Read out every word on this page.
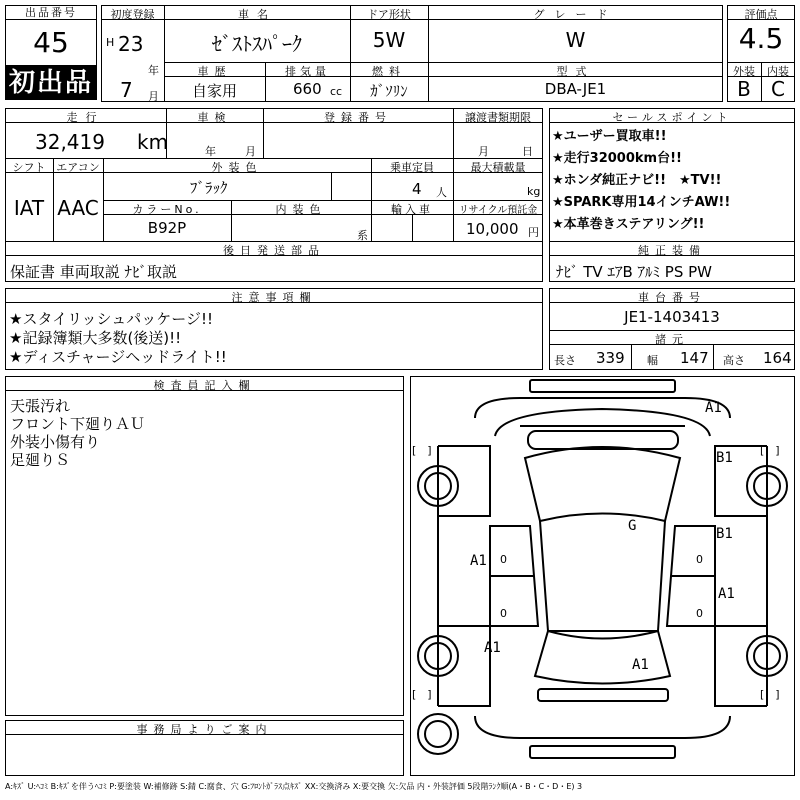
出品番号
45
初出品
初度登録
H 23
年
7 月
車名
ｾﾞｽﾄｽﾊﾟｰｸ
ドア形状
5W
グレード
W
車歴
自家用
排気量
660 cc
燃料
ｶﾞｿﾘﾝ
型式
DBA-JE1
評価点
4.5
外装	内装
B	C
走行
32,419 km
車検
年	月
登録番号	譲渡書類期限
月	日
シフト
IAT
エアコン
AAC
外装色
ﾌﾞﾗｯｸ
乗車定員
4 人
最大積載量
kg
カラーNo.
B92P
内装色
系
輸入車	リサイクル預託金
10,000 円
後日発送部品
保証書 車両取説 ﾅﾋﾞ取説
セールスポイント
★ユーザー買取車!!
★走行32000km台!!
★ホンダ純正ナビ!!　★TV!!
★SPARK専用14インチAW!!
★本革巻きステアリング!!
純正装備
ﾅﾋﾞ TV ｴｱB ｱﾙﾐ PS PW
注意事項欄
★スタイリッシュパッケージ!!
★記録簿類大多数(後送)!!
★ディスチャージヘッドライト!!
車台番号
JE1-1403413
諸元
長さ 339 幅 147 高さ 164
検査員記入欄
天張汚れ
フロント下廻りＡＵ
外装小傷有り
足廻りＳ
事務局よりご案内
A1
B1
G	B1
A1
A1
A1
A1
0
0
0
0
[　]	[　]
[　]	[　]
A:ｷｽﾞ U:ﾍｺﾐ B:ｷｽﾞを伴うﾍｺﾐ P:要塗装 W:補修跡 S:錆 C:腐食、穴 G:ﾌﾛﾝﾄｶﾞﾗｽ点ｷｽﾞ XX:交換済み X:要交換 欠:欠品 内・外装評価 5段階ﾗﾝｸ順(A・B・C・D・E) 3
